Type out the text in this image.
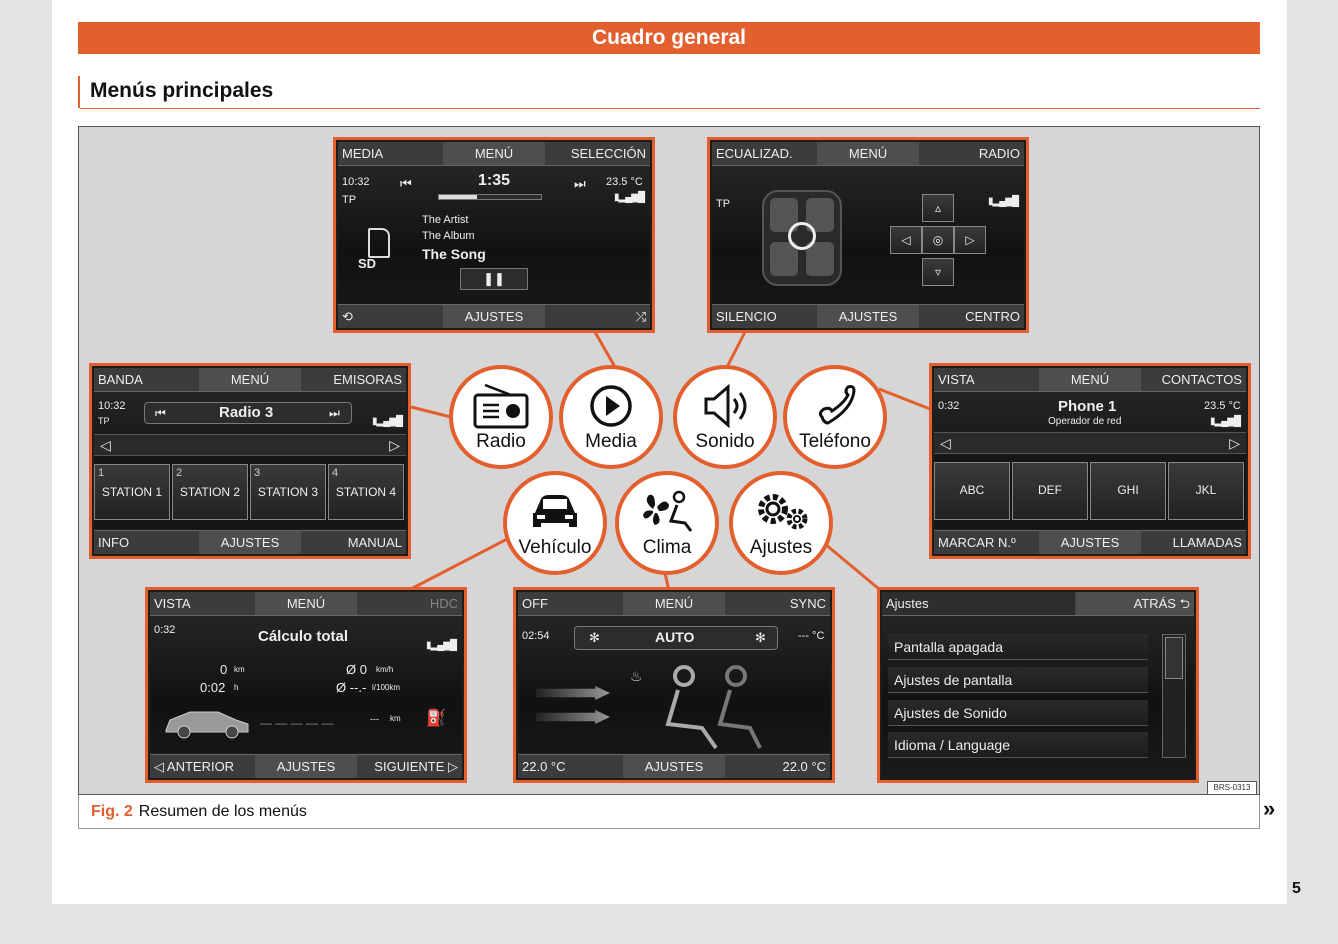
Cuadro general
Menús principales
MEDIA	MENÚ	SELECCIÓN
10:32
TP
⏮	1:35	⏭ 23.5 °C
▮▂▄▆█
SD
The Artist
The Album
The Song
❚❚
⟲	AJUSTES	⤮
ECUALIZAD.	MENÚ	RADIO
TP	▵
◁	◎	▷
▿
▮▂▄▆█
SILENCIO	AJUSTES	CENTRO
BANDA	MENÚ	EMISORAS
10:32
TP
⏮	Radio 3	⏭
▮▂▄▆█
◁	▷
1
STATION 1
2
STATION 2
3
STATION 3
4
STATION 4
INFO	AJUSTES	MANUAL
VISTA	MENÚ	CONTACTOS
0:32	Phone 1
Operador de red
23.5 °C
▮▂▄▆█
◁	▷
ABC	DEF	GHI	JKL
MARCAR N.º	AJUSTES	LLAMADAS
VISTA	MENÚ	HDC
0:32	Cálculo total
▮▂▄▆█
0 km	Ø 0 km/h
0:02 h	Ø --.- l/100km
— — — — —	--- km ⛽
◁ ANTERIOR	AJUSTES	SIGUIENTE ▷
OFF	MENÚ	SYNC
02:54	✻	AUTO	✻	--- °C
♨
22.0 °C	AJUSTES	22.0 °C
Ajustes	ATRÁS ⮌
Pantalla apagada
Ajustes de pantalla
Ajustes de Sonido
Idioma / Language
Radio	Media	Sonido	Teléfono
Vehículo	Clima	Ajustes
BRS-0313
Fig. 2 Resumen de los menús	»
5
